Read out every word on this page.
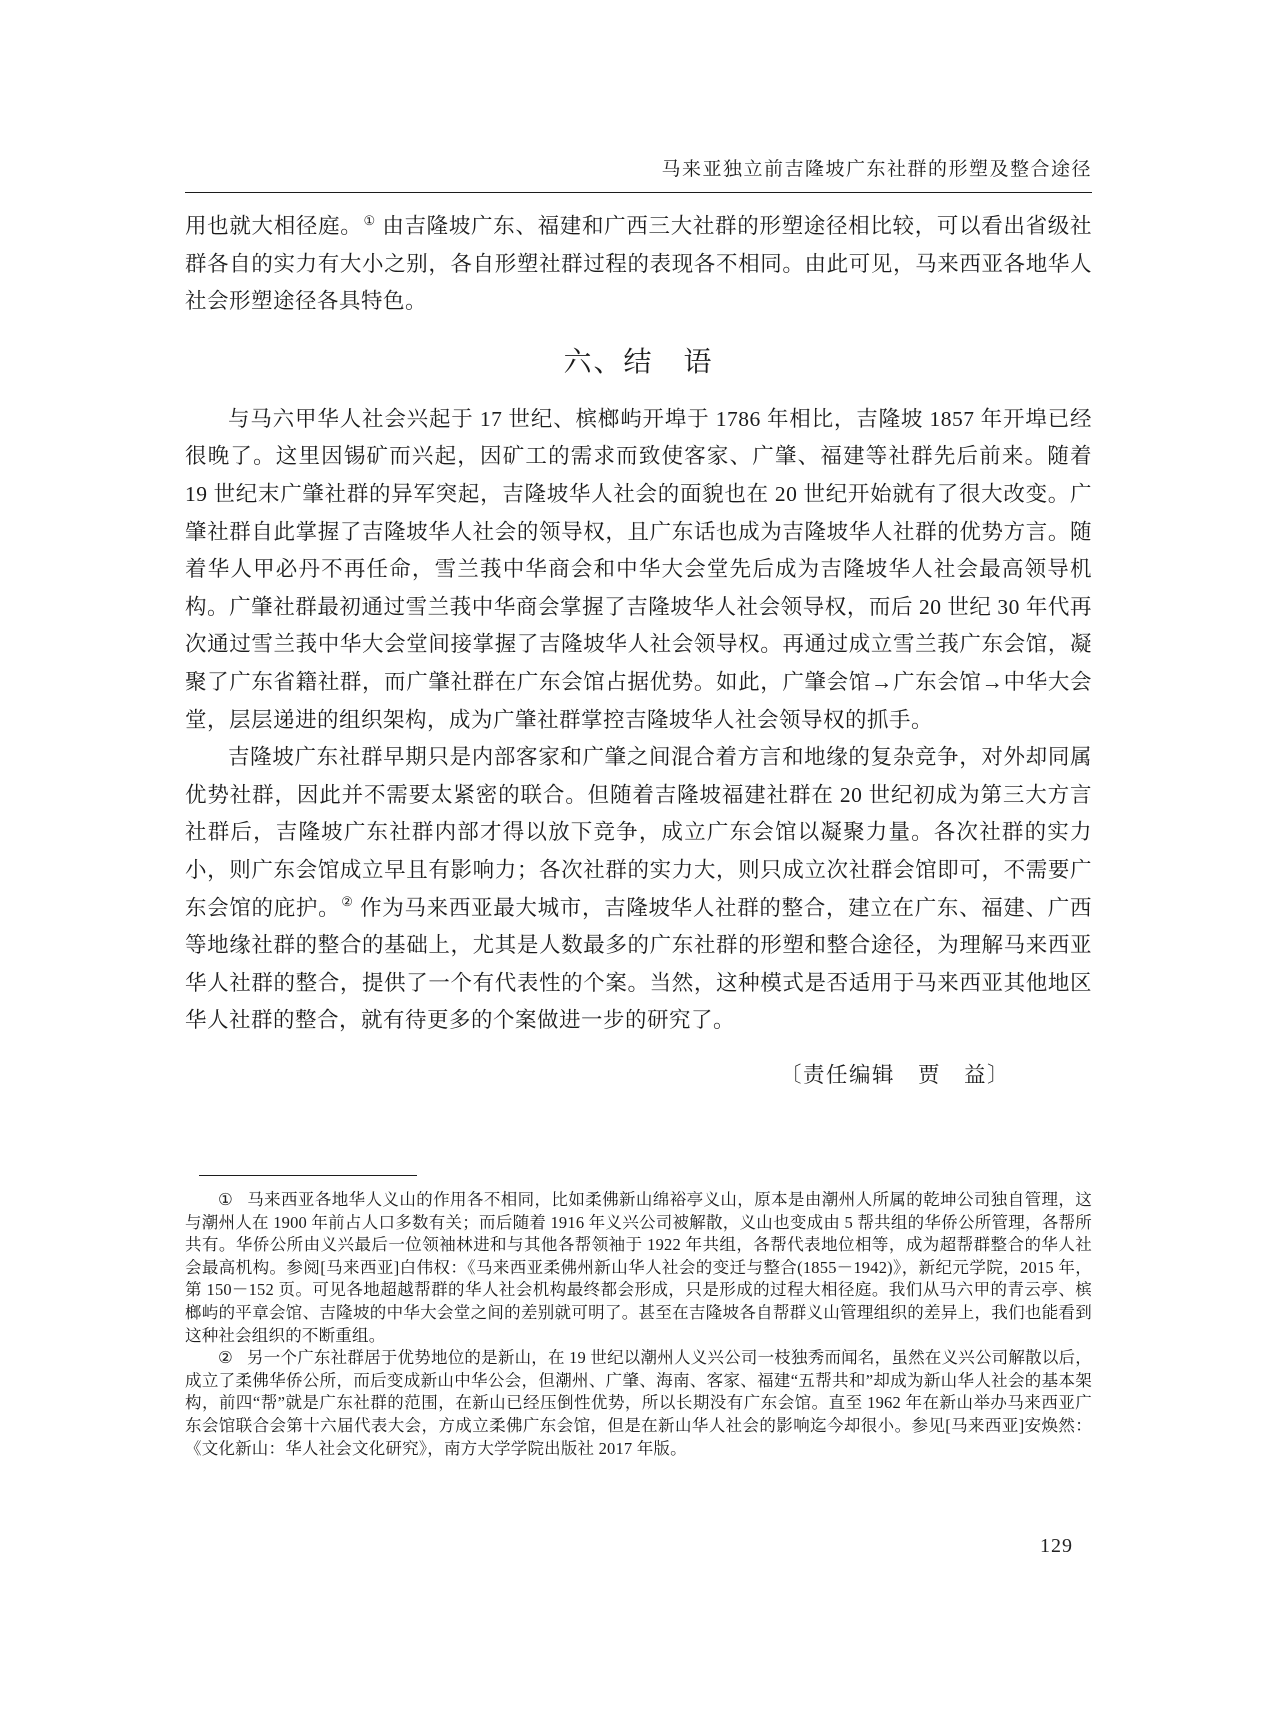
马来亚独立前吉隆坡广东社群的形塑及整合途径

用也就大相径庭。① 由吉隆坡广东、福建和广西三大社群的形塑途径相比较，可以看出省级社群各自的实力有大小之别，各自形塑社群过程的表现各不相同。由此可见，马来西亚各地华人社会形塑途径各具特色。

六、结　语

与马六甲华人社会兴起于 17 世纪、槟榔屿开埠于 1786 年相比，吉隆坡 1857 年开埠已经很晚了。这里因锡矿而兴起，因矿工的需求而致使客家、广肇、福建等社群先后前来。随着 19 世纪末广肇社群的异军突起，吉隆坡华人社会的面貌也在 20 世纪开始就有了很大改变。广肇社群自此掌握了吉隆坡华人社会的领导权，且广东话也成为吉隆坡华人社群的优势方言。随着华人甲必丹不再任命，雪兰莪中华商会和中华大会堂先后成为吉隆坡华人社会最高领导机构。广肇社群最初通过雪兰莪中华商会掌握了吉隆坡华人社会领导权，而后 20 世纪 30 年代再次通过雪兰莪中华大会堂间接掌握了吉隆坡华人社会领导权。再通过成立雪兰莪广东会馆，凝聚了广东省籍社群，而广肇社群在广东会馆占据优势。如此，广肇会馆→广东会馆→中华大会堂，层层递进的组织架构，成为广肇社群掌控吉隆坡华人社会领导权的抓手。

吉隆坡广东社群早期只是内部客家和广肇之间混合着方言和地缘的复杂竞争，对外却同属优势社群，因此并不需要太紧密的联合。但随着吉隆坡福建社群在 20 世纪初成为第三大方言社群后，吉隆坡广东社群内部才得以放下竞争，成立广东会馆以凝聚力量。各次社群的实力小，则广东会馆成立早且有影响力；各次社群的实力大，则只成立次社群会馆即可，不需要广东会馆的庇护。② 作为马来西亚最大城市，吉隆坡华人社群的整合，建立在广东、福建、广西等地缘社群的整合的基础上，尤其是人数最多的广东社群的形塑和整合途径，为理解马来西亚华人社群的整合，提供了一个有代表性的个案。当然，这种模式是否适用于马来西亚其他地区华人社群的整合，就有待更多的个案做进一步的研究了。

〔责任编辑　贾　益〕

① 马来西亚各地华人义山的作用各不相同，比如柔佛新山绵裕亭义山，原本是由潮州人所属的乾坤公司独自管理，这与潮州人在 1900 年前占人口多数有关；而后随着 1916 年义兴公司被解散，义山也变成由 5 帮共组的华侨公所管理，各帮所共有。华侨公所由义兴最后一位领袖林进和与其他各帮领袖于 1922 年共组，各帮代表地位相等，成为超帮群整合的华人社会最高机构。参阅[马来西亚]白伟权：《马来西亚柔佛州新山华人社会的变迁与整合(1855－1942)》，新纪元学院，2015 年，第 150－152 页。可见各地超越帮群的华人社会机构最终都会形成，只是形成的过程大相径庭。我们从马六甲的青云亭、槟榔屿的平章会馆、吉隆坡的中华大会堂之间的差别就可明了。甚至在吉隆坡各自帮群义山管理组织的差异上，我们也能看到这种社会组织的不断重组。

② 另一个广东社群居于优势地位的是新山，在 19 世纪以潮州人义兴公司一枝独秀而闻名，虽然在义兴公司解散以后，成立了柔佛华侨公所，而后变成新山中华公会，但潮州、广肇、海南、客家、福建“五帮共和”却成为新山华人社会的基本架构，前四“帮”就是广东社群的范围，在新山已经压倒性优势，所以长期没有广东会馆。直至 1962 年在新山举办马来西亚广东会馆联合会第十六届代表大会，方成立柔佛广东会馆，但是在新山华人社会的影响迄今却很小。参见[马来西亚]安焕然：《文化新山：华人社会文化研究》，南方大学学院出版社 2017 年版。

129
